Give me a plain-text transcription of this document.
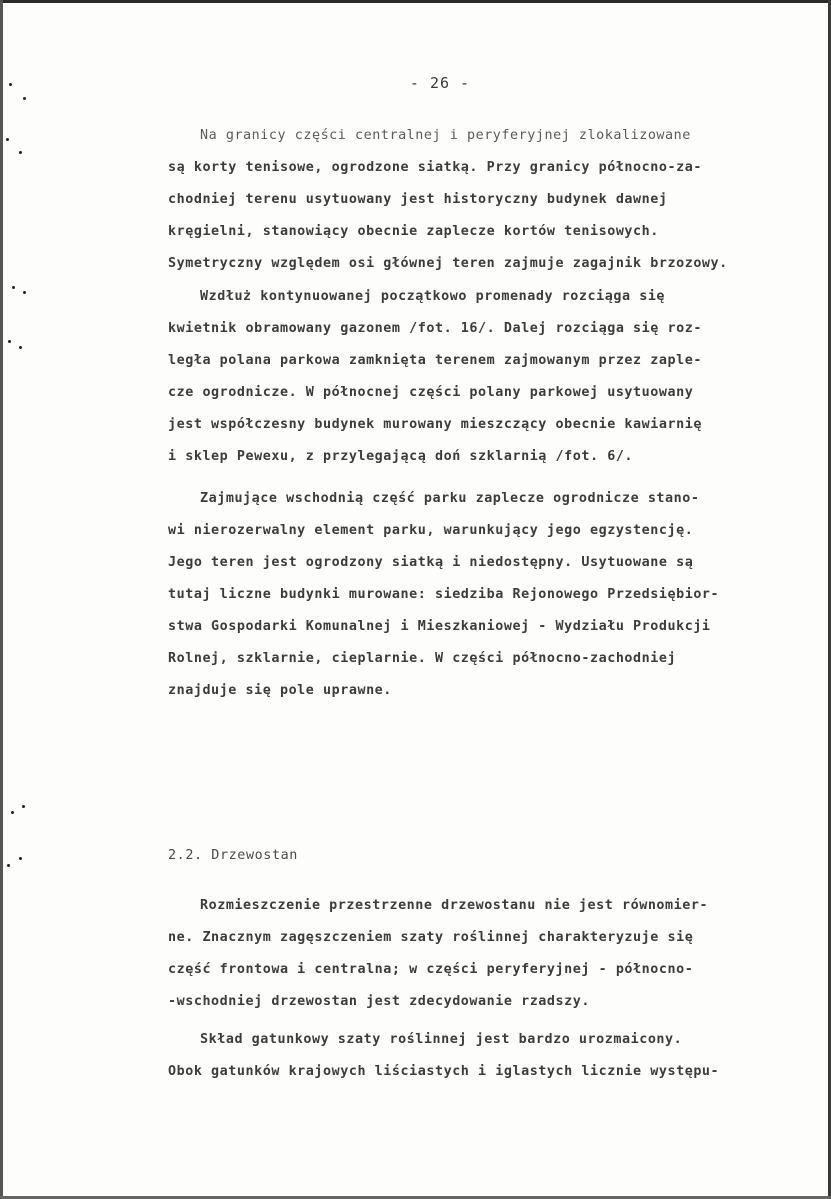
- 26 -
Na granicy części centralnej i peryferyjnej zlokalizowane
są korty tenisowe, ogrodzone siatką. Przy granicy północno-za-
chodniej terenu usytuowany jest historyczny budynek dawnej
kręgielni, stanowiący obecnie zaplecze kortów tenisowych.
Symetryczny względem osi głównej teren zajmuje zagajnik brzozowy.
Wzdłuż kontynuowanej początkowo promenady rozciąga się
kwietnik obramowany gazonem /fot. 16/. Dalej rozciąga się roz-
legła polana parkowa zamknięta terenem zajmowanym przez zaple-
cze ogrodnicze. W północnej części polany parkowej usytuowany
jest współczesny budynek murowany mieszczący obecnie kawiarnię
i sklep Pewexu, z przylegającą doń szklarnią /fot. 6/.
Zajmujące wschodnią część parku zaplecze ogrodnicze stano-
wi nierozerwalny element parku, warunkujący jego egzystencję.
Jego teren jest ogrodzony siatką i niedostępny. Usytuowane są
tutaj liczne budynki murowane: siedziba Rejonowego Przedsiębior-
stwa Gospodarki Komunalnej i Mieszkaniowej - Wydziału Produkcji
Rolnej, szklarnie, cieplarnie. W części północno-zachodniej
znajduje się pole uprawne.
2.2. Drzewostan
Rozmieszczenie przestrzenne drzewostanu nie jest równomier-
ne. Znacznym zagęszczeniem szaty roślinnej charakteryzuje się
część frontowa i centralna; w części peryferyjnej - północno-
-wschodniej drzewostan jest zdecydowanie rzadszy.
Skład gatunkowy szaty roślinnej jest bardzo urozmaicony.
Obok gatunków krajowych liściastych i iglastych licznie występu-
